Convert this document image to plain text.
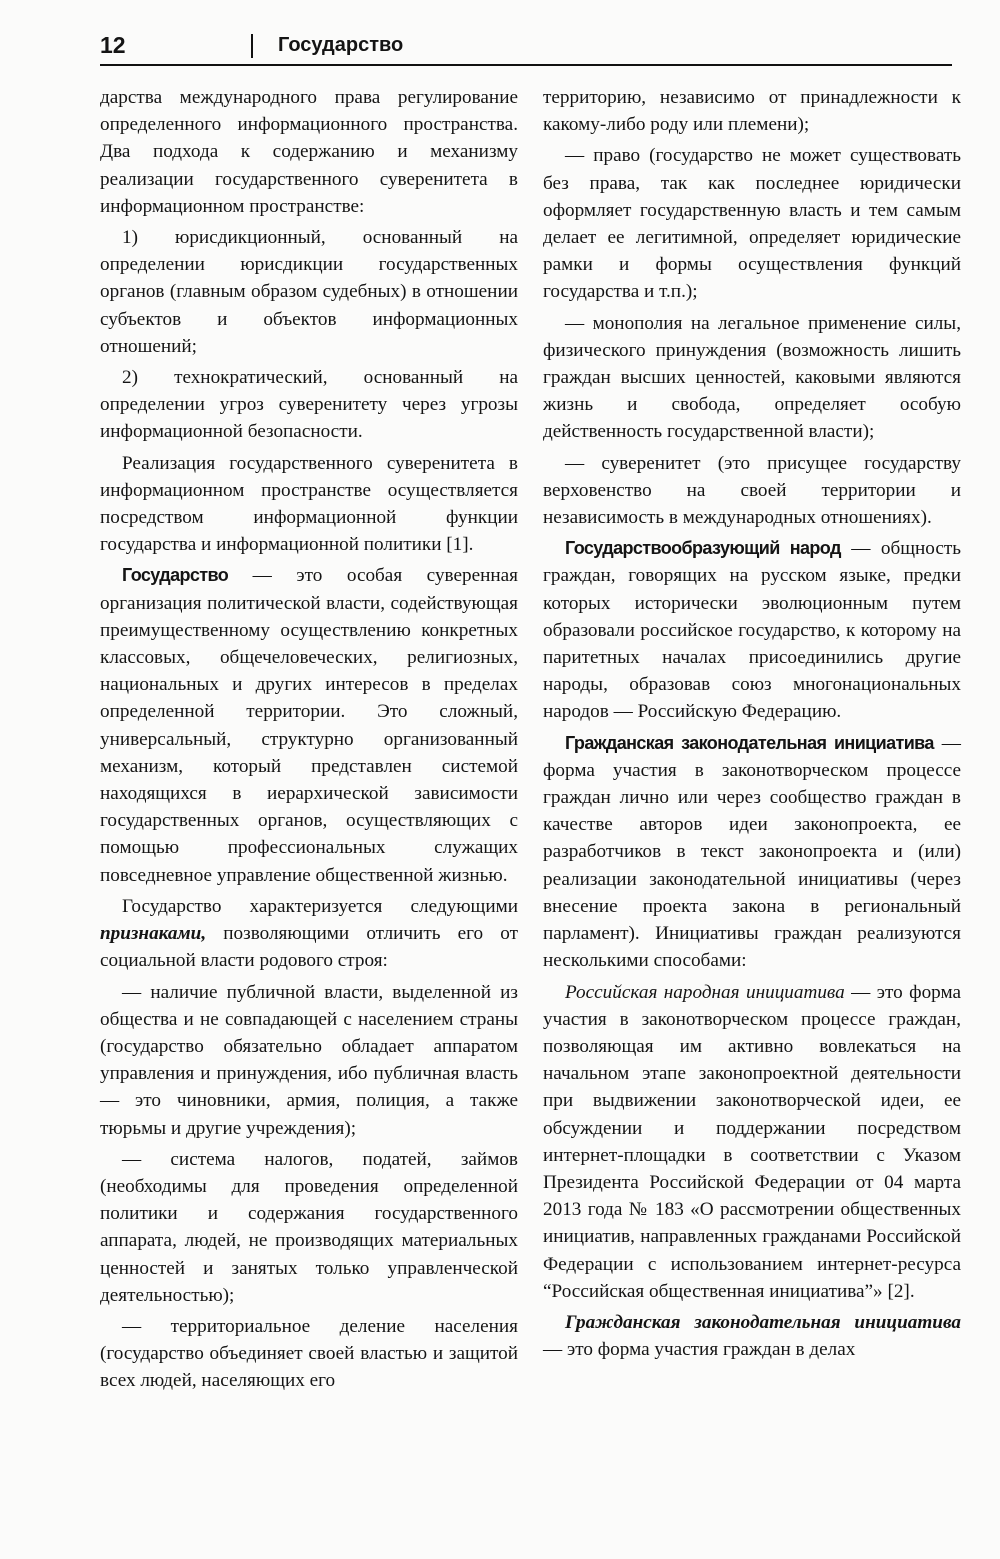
12	Государство

дарства международного права регулирование определенного информационного пространства. Два подхода к содержанию и механизму реализации государственного суверенитета в информационном пространстве:

1) юрисдикционный, основанный на определении юрисдикции государственных органов (главным образом судебных) в отношении субъектов и объектов информационных отношений;

2) технократический, основанный на определении угроз суверенитету через угрозы информационной безопасности.

Реализация государственного суверенитета в информационном пространстве осуществляется посредством информационной функции государства и информационной политики [1].

Государство — это особая суверенная организация политической власти, содействующая преимущественному осуществлению конкретных классовых, общечеловеческих, религиозных, национальных и других интересов в пределах определенной территории. Это сложный, универсальный, структурно организованный механизм, который представлен системой находящихся в иерархической зависимости государственных органов, осуществляющих с помощью профессиональных служащих повседневное управление общественной жизнью.

Государство характеризуется следующими признаками, позволяющими отличить его от социальной власти родового строя:

— наличие публичной власти, выделенной из общества и не совпадающей с населением страны (государство обязательно обладает аппаратом управления и принуждения, ибо публичная власть — это чиновники, армия, полиция, а также тюрьмы и другие учреждения);

— система налогов, податей, займов (необходимы для проведения определенной политики и содержания государственного аппарата, людей, не производящих материальных ценностей и занятых только управленческой деятельностью);

— территориальное деление населения (государство объединяет своей властью и защитой всех людей, населяющих его

территорию, независимо от принадлежности к какому-либо роду или племени);

— право (государство не может существовать без права, так как последнее юридически оформляет государственную власть и тем самым делает ее легитимной, определяет юридические рамки и формы осуществления функций государства и т.п.);

— монополия на легальное применение силы, физического принуждения (возможность лишить граждан высших ценностей, каковыми являются жизнь и свобода, определяет особую действенность государственной власти);

— суверенитет (это присущее государству верховенство на своей территории и независимость в международных отношениях).

Государствообразующий народ — общность граждан, говорящих на русском языке, предки которых исторически эволюционным путем образовали российское государство, к которому на паритетных началах присоединились другие народы, образовав союз многонациональных народов — Российскую Федерацию.

Гражданская законодательная инициатива — форма участия в законотворческом процессе граждан лично или через сообщество граждан в качестве авторов идеи законопроекта, ее разработчиков в текст законопроекта и (или) реализации законодательной инициативы (через внесение проекта закона в региональный парламент). Инициативы граждан реализуются несколькими способами:

Российская народная инициатива — это форма участия в законотворческом процессе граждан, позволяющая им активно вовлекаться на начальном этапе законопроектной деятельности при выдвижении законотворческой идеи, ее обсуждении и поддержании посредством интернет-площадки в соответствии с Указом Президента Российской Федерации от 04 марта 2013 года № 183 «О рассмотрении общественных инициатив, направленных гражданами Российской Федерации с использованием интернет-ресурса “Российская общественная инициатива”» [2].

Гражданская законодательная инициатива — это форма участия граждан в делах
